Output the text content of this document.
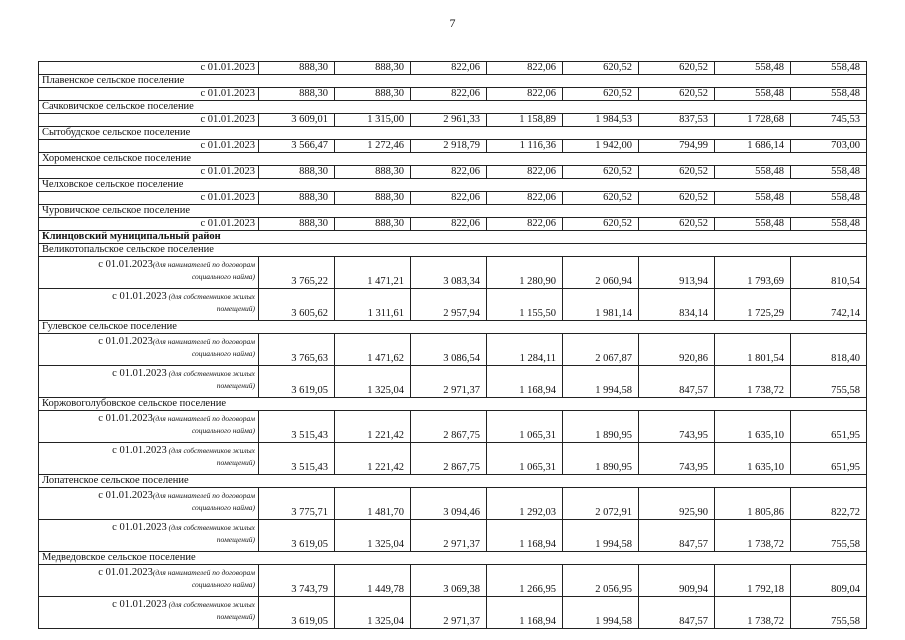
7
с 01.01.2023	888,30	888,30	822,06	822,06	620,52	620,52	558,48	558,48
Плавенское сельское поселение								
с 01.01.2023	888,30	888,30	822,06	822,06	620,52	620,52	558,48	558,48
Сачковичское сельское поселение								
с 01.01.2023	3 609,01	1 315,00	2 961,33	1 158,89	1 984,53	837,53	1 728,68	745,53
Сытобудское сельское поселение								
с 01.01.2023	3 566,47	1 272,46	2 918,79	1 116,36	1 942,00	794,99	1 686,14	703,00
Хороменское сельское поселение								
с 01.01.2023	888,30	888,30	822,06	822,06	620,52	620,52	558,48	558,48
Челховское сельское поселение								
с 01.01.2023	888,30	888,30	822,06	822,06	620,52	620,52	558,48	558,48
Чуровичское сельское поселение								
с 01.01.2023	888,30	888,30	822,06	822,06	620,52	620,52	558,48	558,48
Клинцовский муниципальный район								
Великотопальское сельское поселение								
с 01.01.2023(для нанимателей по договорам
социального найма)	3 765,22	1 471,21	3 083,34	1 280,90	2 060,94	913,94	1 793,69	810,54
с 01.01.2023 (для собственников жилых
помещений)	3 605,62	1 311,61	2 957,94	1 155,50	1 981,14	834,14	1 725,29	742,14
Гулевское сельское поселение								
с 01.01.2023(для нанимателей по договорам
социального найма)	3 765,63	1 471,62	3 086,54	1 284,11	2 067,87	920,86	1 801,54	818,40
с 01.01.2023 (для собственников жилых
помещений)	3 619,05	1 325,04	2 971,37	1 168,94	1 994,58	847,57	1 738,72	755,58
Коржовоголубовское сельское поселение								
с 01.01.2023(для нанимателей по договорам
социального найма)	3 515,43	1 221,42	2 867,75	1 065,31	1 890,95	743,95	1 635,10	651,95
с 01.01.2023 (для собственников жилых
помещений)	3 515,43	1 221,42	2 867,75	1 065,31	1 890,95	743,95	1 635,10	651,95
Лопатенское сельское поселение								
с 01.01.2023(для нанимателей по договорам
социального найма)	3 775,71	1 481,70	3 094,46	1 292,03	2 072,91	925,90	1 805,86	822,72
с 01.01.2023 (для собственников жилых
помещений)	3 619,05	1 325,04	2 971,37	1 168,94	1 994,58	847,57	1 738,72	755,58
Медведовское сельское поселение								
с 01.01.2023(для нанимателей по договорам
социального найма)	3 743,79	1 449,78	3 069,38	1 266,95	2 056,95	909,94	1 792,18	809,04
с 01.01.2023 (для собственников жилых
помещений)	3 619,05	1 325,04	2 971,37	1 168,94	1 994,58	847,57	1 738,72	755,58
